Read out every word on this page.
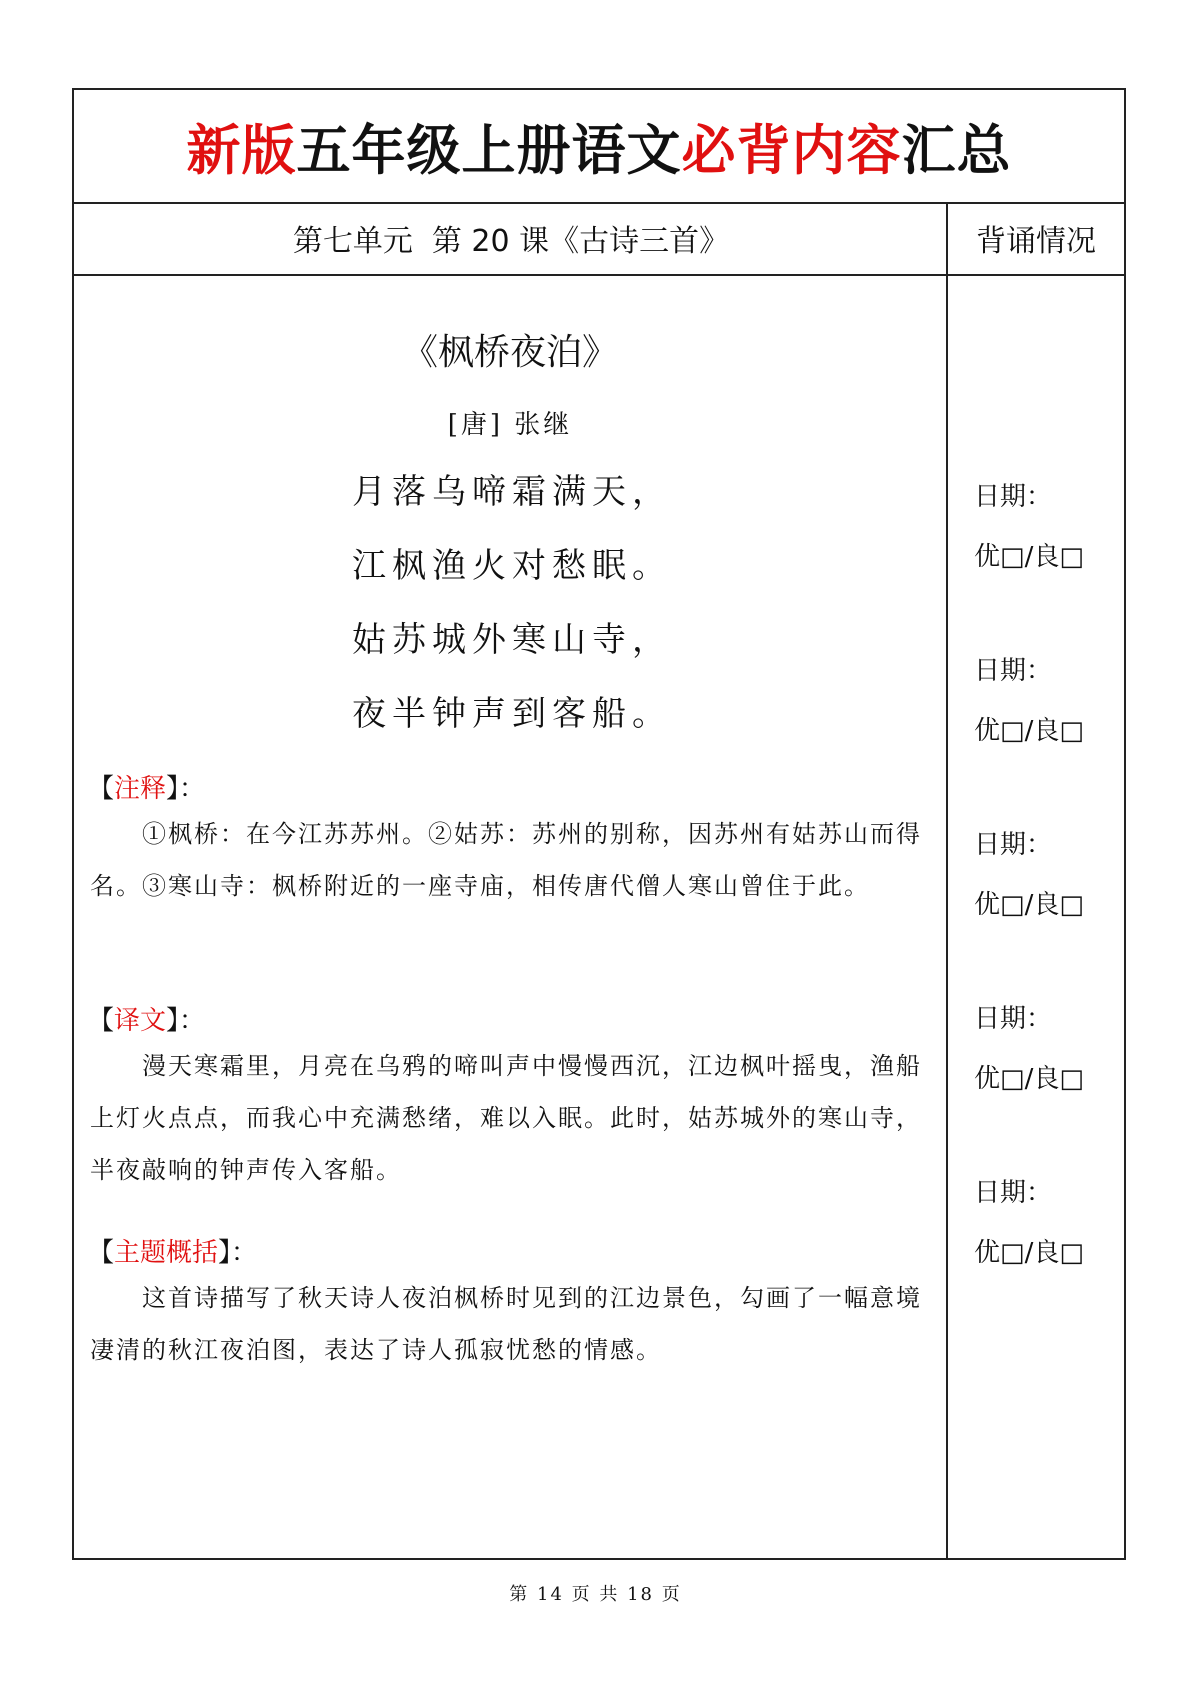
新版 五年级上册语文 必背内容 汇总
第七单元  第 20 课《古诗三首》	背诵情况
《枫桥夜泊》
[唐] 张继
月落乌啼霜满天，
江枫渔火对愁眠。
姑苏城外寒山寺，
夜半钟声到客船。
【注释】：
①枫桥：在今江苏苏州。②姑苏：苏州的别称，因苏州有姑苏山而得名。③寒山寺：枫桥附近的一座寺庙，相传唐代僧人寒山曾住于此。
【译文】：
漫天寒霜里，月亮在乌鸦的啼叫声中慢慢西沉，江边枫叶摇曳，渔船上灯火点点，而我心中充满愁绪，难以入眠。此时，姑苏城外的寒山寺，半夜敲响的钟声传入客船。
【主题概括】：
这首诗描写了秋天诗人夜泊枫桥时见到的江边景色，勾画了一幅意境凄清的秋江夜泊图，表达了诗人孤寂忧愁的情感。
日期：
优□/良□
日期：
优□/良□
日期：
优□/良□
日期：
优□/良□
日期：
优□/良□
第 14 页 共 18 页
